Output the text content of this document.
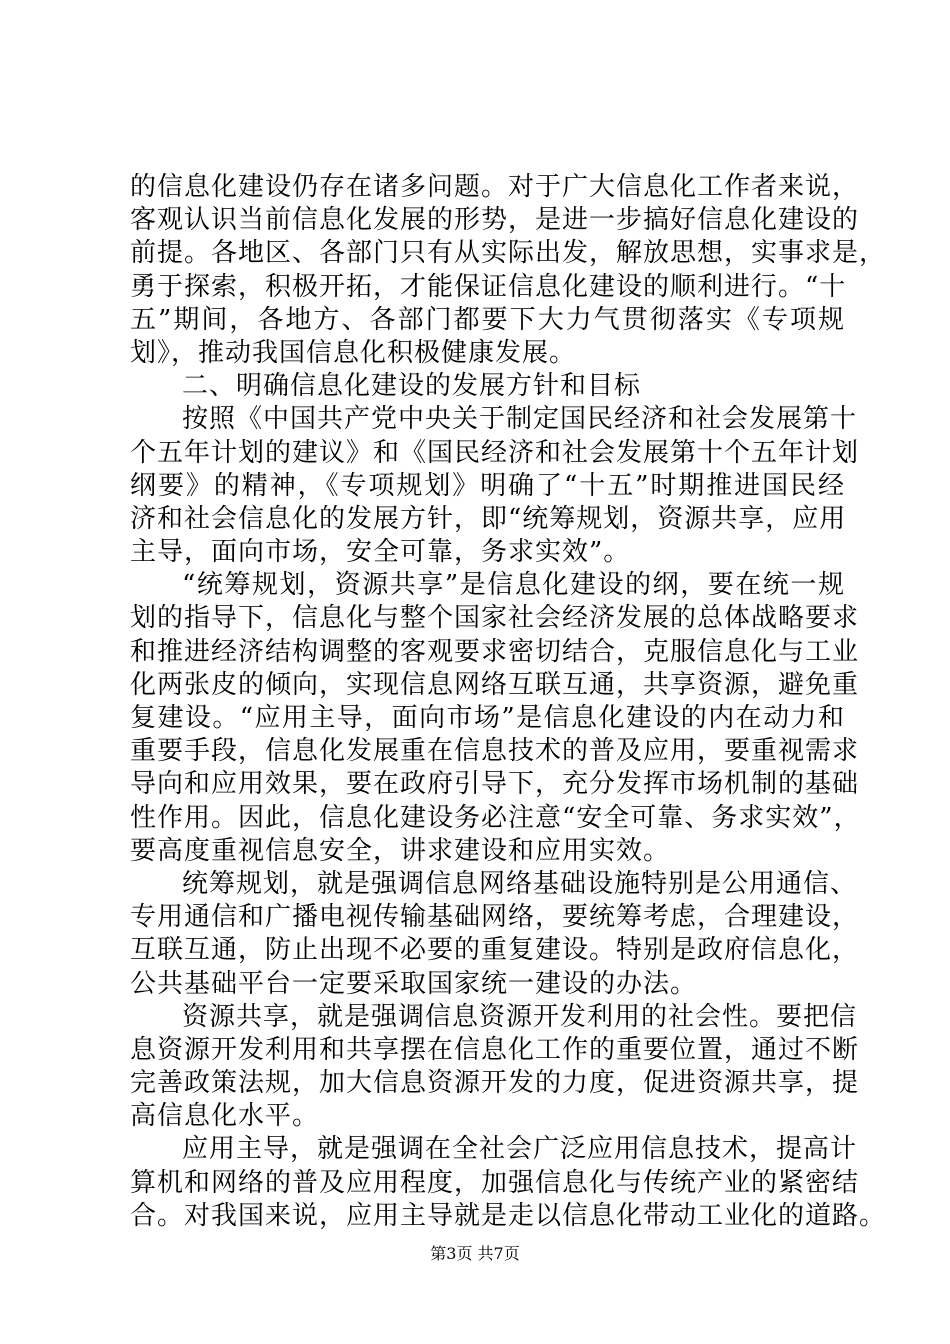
的信息化建设仍存在诸多问题。对于广大信息化工作者来说，
客观认识当前信息化发展的形势，是进一步搞好信息化建设的
前提。各地区、各部门只有从实际出发，解放思想，实事求是，
勇于探索，积极开拓，才能保证信息化建设的顺利进行。“十
五”期间，各地方、各部门都要下大力气贯彻落实《专项规
划》，推动我国信息化积极健康发展。
二、明确信息化建设的发展方针和目标
按照《中国共产党中央关于制定国民经济和社会发展第十
个五年计划的建议》和《国民经济和社会发展第十个五年计划
纲要》的精神，《专项规划》明确了“十五”时期推进国民经
济和社会信息化的发展方针，即“统筹规划，资源共享，应用
主导，面向市场，安全可靠，务求实效”。
“统筹规划，资源共享”是信息化建设的纲，要在统一规
划的指导下，信息化与整个国家社会经济发展的总体战略要求
和推进经济结构调整的客观要求密切结合，克服信息化与工业
化两张皮的倾向，实现信息网络互联互通，共享资源，避免重
复建设。“应用主导，面向市场”是信息化建设的内在动力和
重要手段，信息化发展重在信息技术的普及应用，要重视需求
导向和应用效果，要在政府引导下，充分发挥市场机制的基础
性作用。因此，信息化建设务必注意“安全可靠、务求实效”，
要高度重视信息安全，讲求建设和应用实效。
统筹规划，就是强调信息网络基础设施特别是公用通信、
专用通信和广播电视传输基础网络，要统筹考虑，合理建设，
互联互通，防止出现不必要的重复建设。特别是政府信息化，
公共基础平台一定要采取国家统一建设的办法。
资源共享，就是强调信息资源开发利用的社会性。要把信
息资源开发利用和共享摆在信息化工作的重要位置，通过不断
完善政策法规，加大信息资源开发的力度，促进资源共享，提
高信息化水平。
应用主导，就是强调在全社会广泛应用信息技术，提高计
算机和网络的普及应用程度，加强信息化与传统产业的紧密结
合。对我国来说，应用主导就是走以信息化带动工业化的道路。
第3页 共7页
